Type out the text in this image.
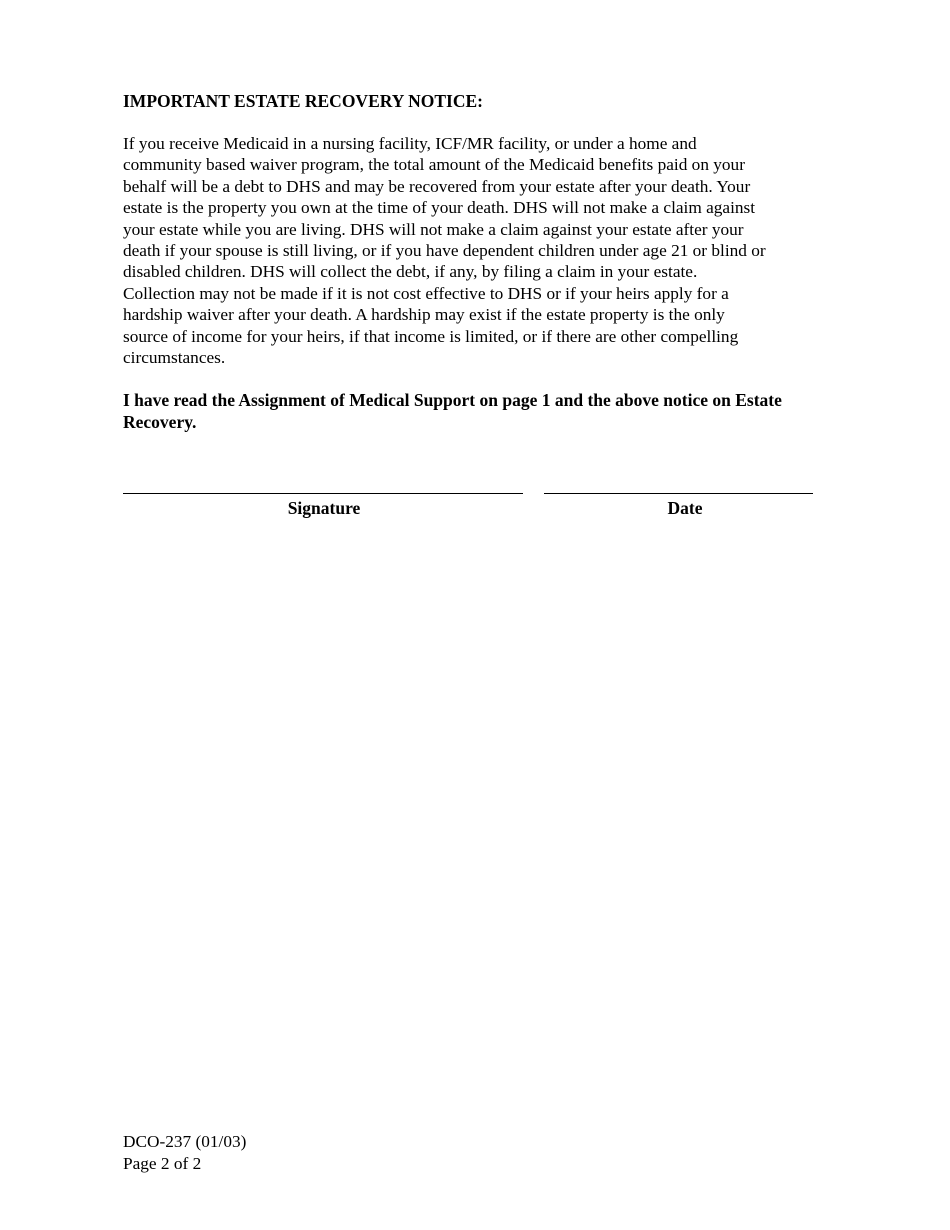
IMPORTANT ESTATE RECOVERY NOTICE:
If you receive Medicaid in a nursing facility, ICF/MR facility, or under a home and
community based waiver program, the total amount of the Medicaid benefits paid on your
behalf will be a debt to DHS and may be recovered from your estate after your death. Your
estate is the property you own at the time of your death. DHS will not make a claim against
your estate while you are living. DHS will not make a claim against your estate after your
death if your spouse is still living, or if you have dependent children under age 21 or blind or
disabled children. DHS will collect the debt, if any, by filing a claim in your estate.
Collection may not be made if it is not cost effective to DHS or if your heirs apply for a
hardship waiver after your death. A hardship may exist if the estate property is the only
source of income for your heirs, if that income is limited, or if there are other compelling
circumstances.
I have read the Assignment of Medical Support on page 1 and the above notice on Estate
Recovery.
Signature	Date
DCO-237 (01/03)
Page 2 of 2
